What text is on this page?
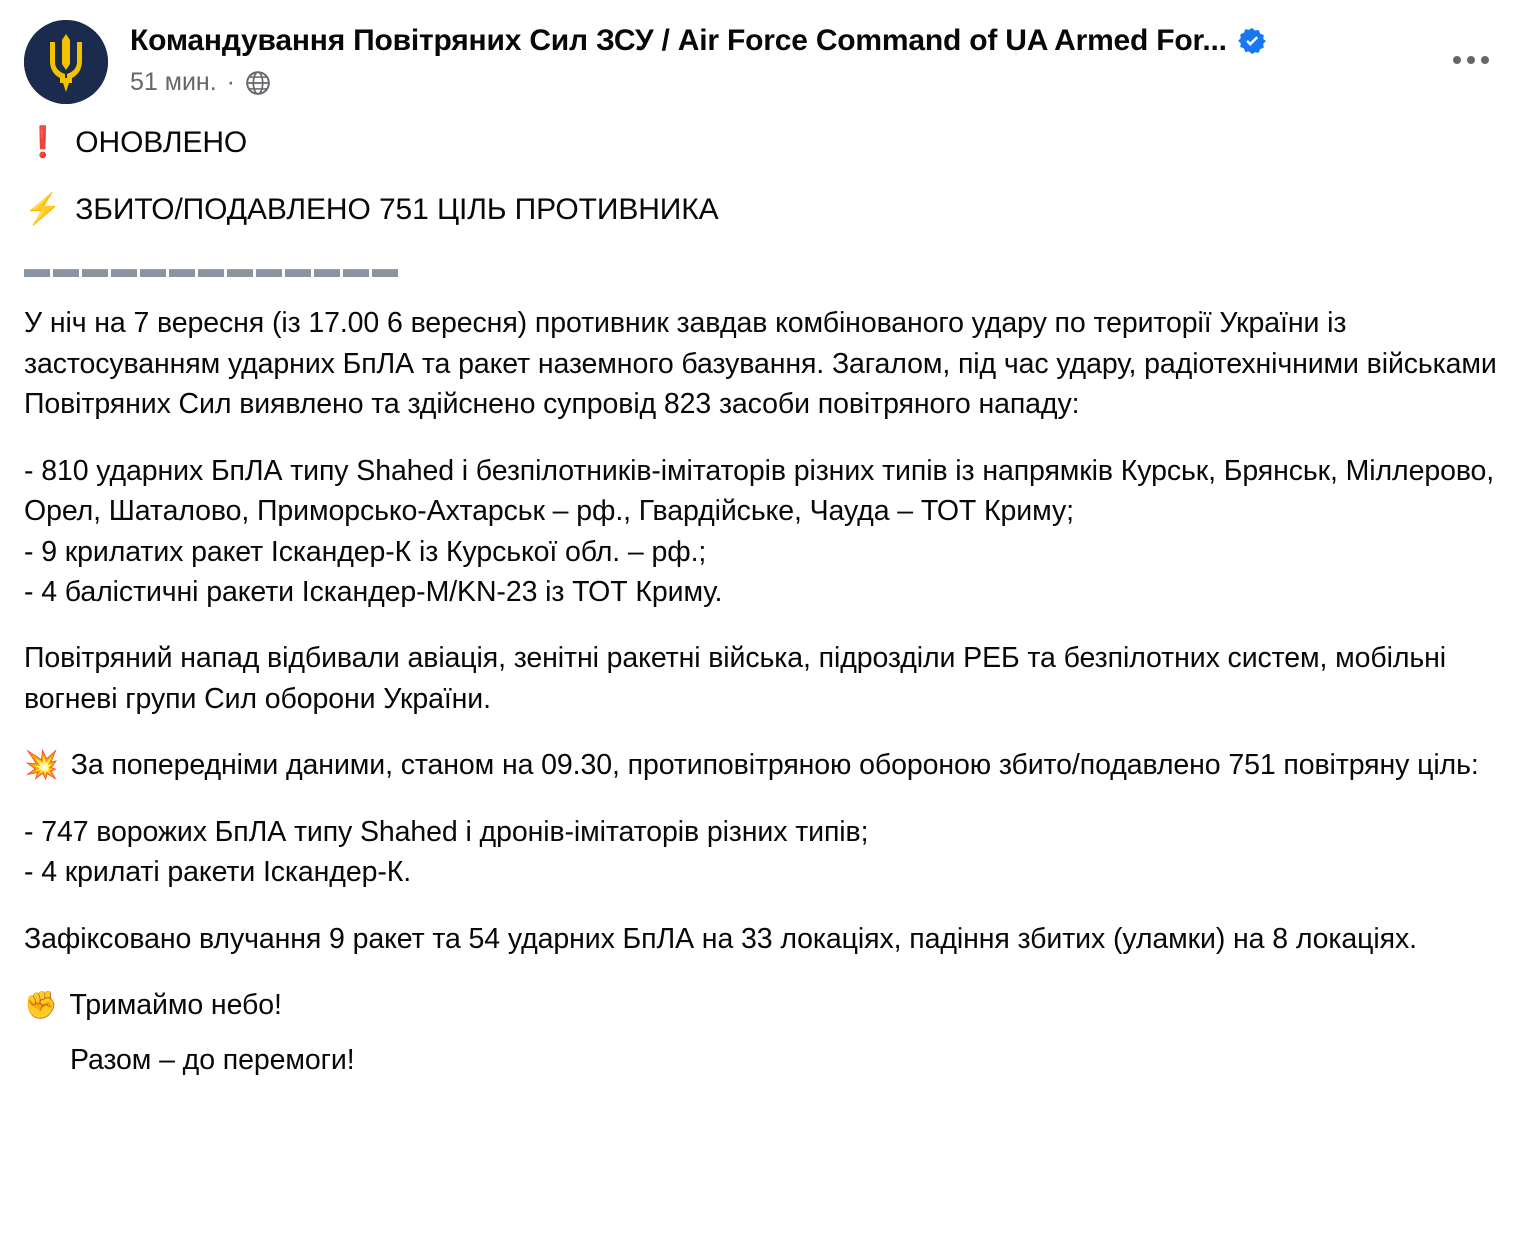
Командування Повітряних Сил ЗСУ / Air Force Command of UA Armed For...
51 мин. ·
❗ ОНОВЛЕНО
⚡ ЗБИТО/ПОДАВЛЕНО 751 ЦІЛЬ ПРОТИВНИКА
▬▬▬▬▬▬▬▬▬▬▬▬▬

У ніч на 7 вересня (із 17.00 6 вересня) противник завдав комбінованого удару по території України із застосуванням ударних БпЛА та ракет наземного базування. Загалом, під час удару, радіотехнічними військами Повітряних Сил виявлено та здійснено супровід 823 засоби повітряного нападу:

- 810 ударних БпЛА типу Shahed і безпілотників-імітаторів різних типів із напрямків Курськ, Брянськ, Міллерово, Орел, Шаталово, Приморсько-Ахтарськ – рф., Гвардійське, Чауда – ТОТ Криму;
- 9 крилатих ракет Іскандер-К із Курської обл. – рф.;
- 4 балістичні ракети Іскандер-М/KN-23 із ТОТ Криму.

Повітряний напад відбивали авіація, зенітні ракетні війська, підрозділи РЕБ та безпілотних систем, мобільні вогневі групи Сил оборони України.

💥 За попередніми даними, станом на 09.30, протиповітряною обороною збито/подавлено 751 повітряну ціль:
- 747 ворожих БпЛА типу Shahed і дронів-імітаторів різних типів;
- 4 крилаті ракети Іскандер-К.

Зафіксовано влучання 9 ракет та 54 ударних БпЛА на 33 локаціях, падіння збитих (уламки) на 8 локаціях.

✊ Тримаймо небо!
Разом – до перемоги!
